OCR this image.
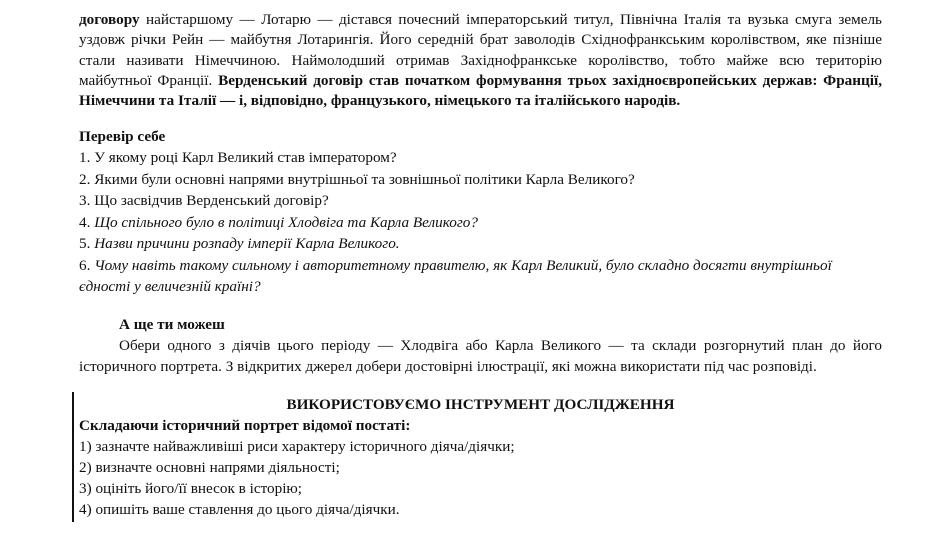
договору найстаршому — Лотарю — дістався почесний імператорський титул, Північна Італія та вузька смуга земель уздовж річки Рейн — майбутня Лотарингія. Його середній брат заволодів Східнофранкським королівством, яке пізніше стали називати Німеччиною. Наймолодший отримав Західнофранкське королівство, тобто майже всю територію майбутньої Франції. Верденський договір став початком формування трьох західноєвропейських держав: Франції, Німеччини та Італії — і, відповідно, французького, німецького та італійського народів.

Перевір себе

1. У якому році Карл Великий став імператором?

2. Якими були основні напрями внутрішньої та зовнішньої політики Карла Великого?

3. Що засвідчив Верденський договір?

4. Що спільного було в політиці Хлодвіга та Карла Великого?

5. Назви причини розпаду імперії Карла Великого.

6. Чому навіть такому сильному і авторитетному правителю, як Карл Великий, було складно досягти внутрішньої єдності у величезній країні?

А ще ти можеш

Обери одного з діячів цього періоду — Хлодвіга або Карла Великого — та склади розгорнутий план до його історичного портрета. З відкритих джерел добери достовірні ілюстрації, які можна використати під час розповіді.

ВИКОРИСТОВУЄМО ІНСТРУМЕНТ ДОСЛІДЖЕННЯ

Складаючи історичний портрет відомої постаті:

1) зазначте найважливіші риси характеру історичного діяча/діячки;

2) визначте основні напрями діяльності;

3) оцініть його/її внесок в історію;

4) опишіть ваше ставлення до цього діяча/діячки.
